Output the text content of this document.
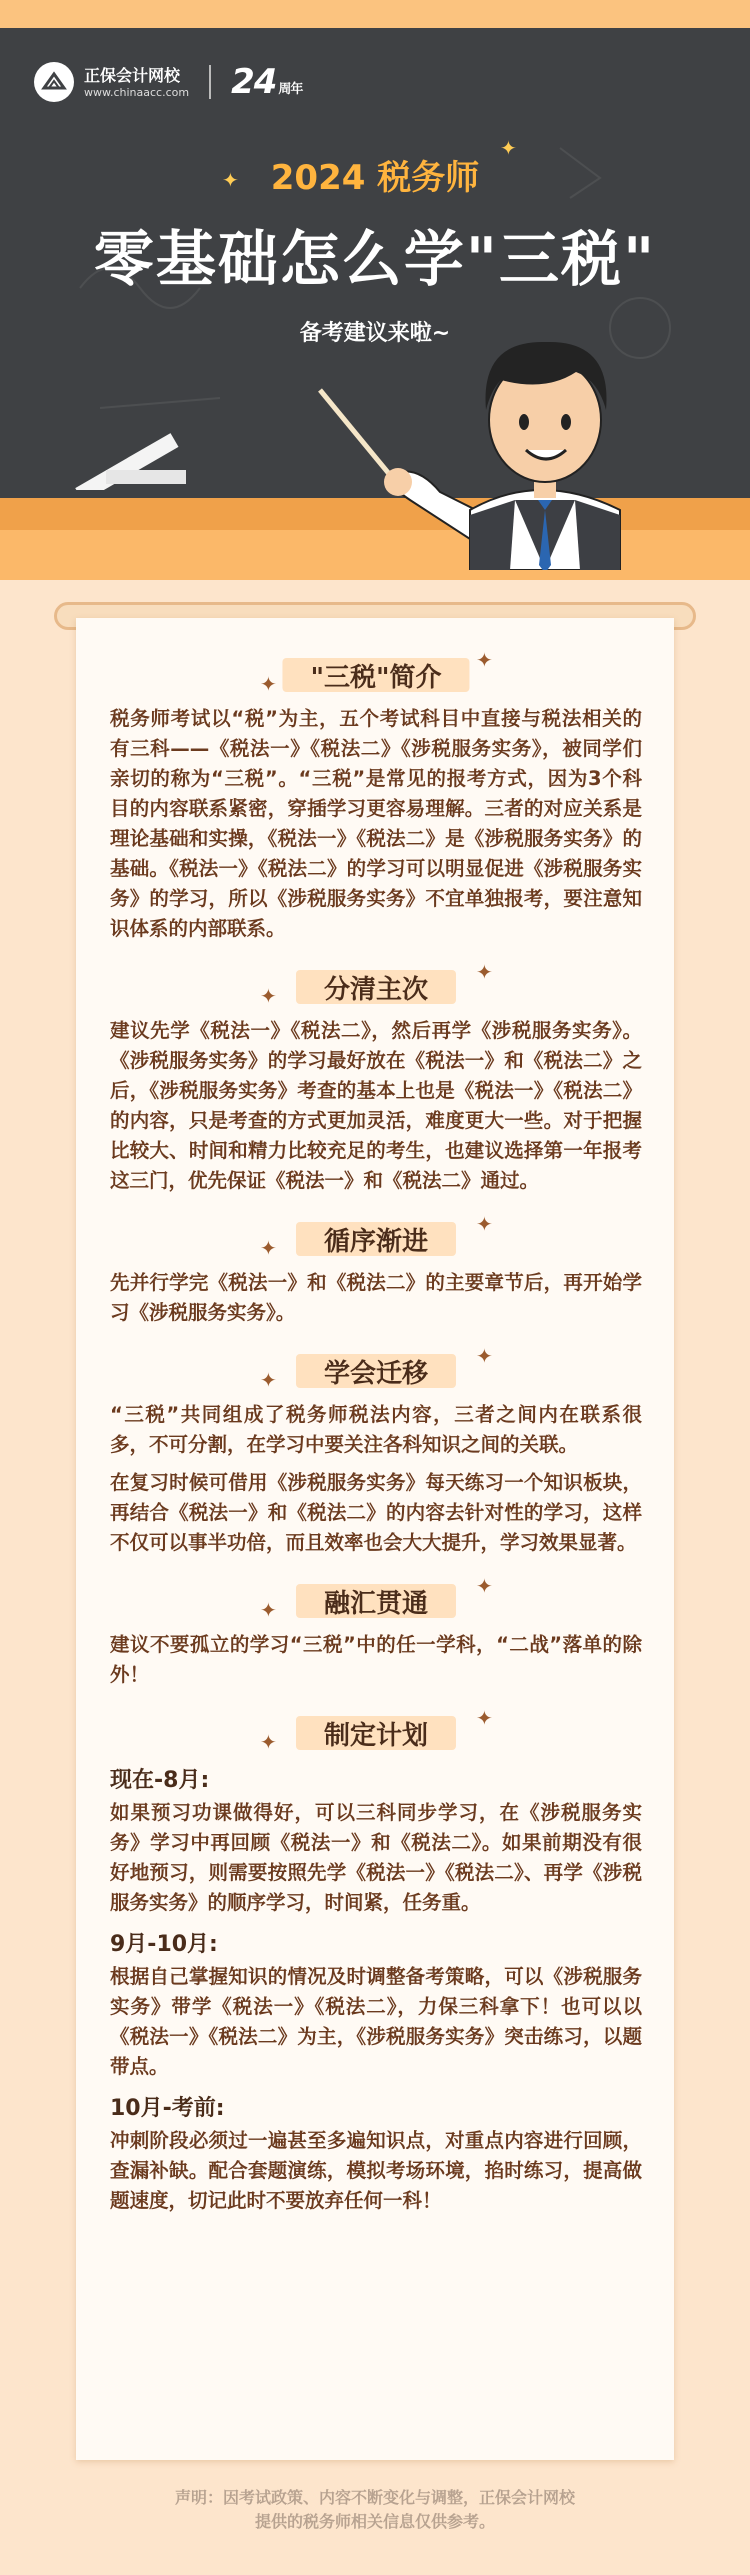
正保会计网校
www.chinaacc.com 24 周年
✦
✦
2024 税务师
零基础怎么学"三税"
备考建议来啦~
"三税"简介
✦
✦

税务师考试以“税”为主，五个考试科目中直接与税法相关的有三科——《税法一》《税法二》《涉税服务实务》，被同学们亲切的称为“三税”。“三税”是常见的报考方式，因为3个科目的内容联系紧密，穿插学习更容易理解。三者的对应关系是理论基础和实操，《税法一》《税法二》是《涉税服务实务》的基础。《税法一》《税法二》的学习可以明显促进《涉税服务实务》的学习，所以《涉税服务实务》不宜单独报考，要注意知识体系的内部联系。

分清主次
✦
✦

建议先学《税法一》《税法二》，然后再学《涉税服务实务》。《涉税服务实务》的学习最好放在《税法一》和《税法二》之后，《涉税服务实务》考查的基本上也是《税法一》《税法二》的内容，只是考查的方式更加灵活，难度更大一些。对于把握比较大、时间和精力比较充足的考生，也建议选择第一年报考这三门，优先保证《税法一》和《税法二》通过。

循序渐进
✦
✦

先并行学完《税法一》和《税法二》的主要章节后，再开始学习《涉税服务实务》。

学会迁移
✦
✦

“三税”共同组成了税务师税法内容，三者之间内在联系很多，不可分割，在学习中要关注各科知识之间的关联。

在复习时候可借用《涉税服务实务》每天练习一个知识板块，再结合《税法一》和《税法二》的内容去针对性的学习，这样不仅可以事半功倍，而且效率也会大大提升，学习效果显著。

融汇贯通
✦
✦

建议不要孤立的学习“三税”中的任一学科，“二战”落单的除外！

制定计划
✦
✦
现在-8月:

如果预习功课做得好，可以三科同步学习，在《涉税服务实务》学习中再回顾《税法一》和《税法二》。如果前期没有很好地预习，则需要按照先学《税法一》《税法二》、再学《涉税服务实务》的顺序学习，时间紧，任务重。

9月-10月:

根据自己掌握知识的情况及时调整备考策略，可以《涉税服务实务》带学《税法一》《税法二》，力保三科拿下！也可以以《税法一》《税法二》为主，《涉税服务实务》突击练习，以题带点。

10月-考前:

冲刺阶段必须过一遍甚至多遍知识点，对重点内容进行回顾，查漏补缺。配合套题演练，模拟考场环境，掐时练习，提高做题速度，切记此时不要放弃任何一科！

声明：因考试政策、内容不断变化与调整，正保会计网校
提供的税务师相关信息仅供参考。
